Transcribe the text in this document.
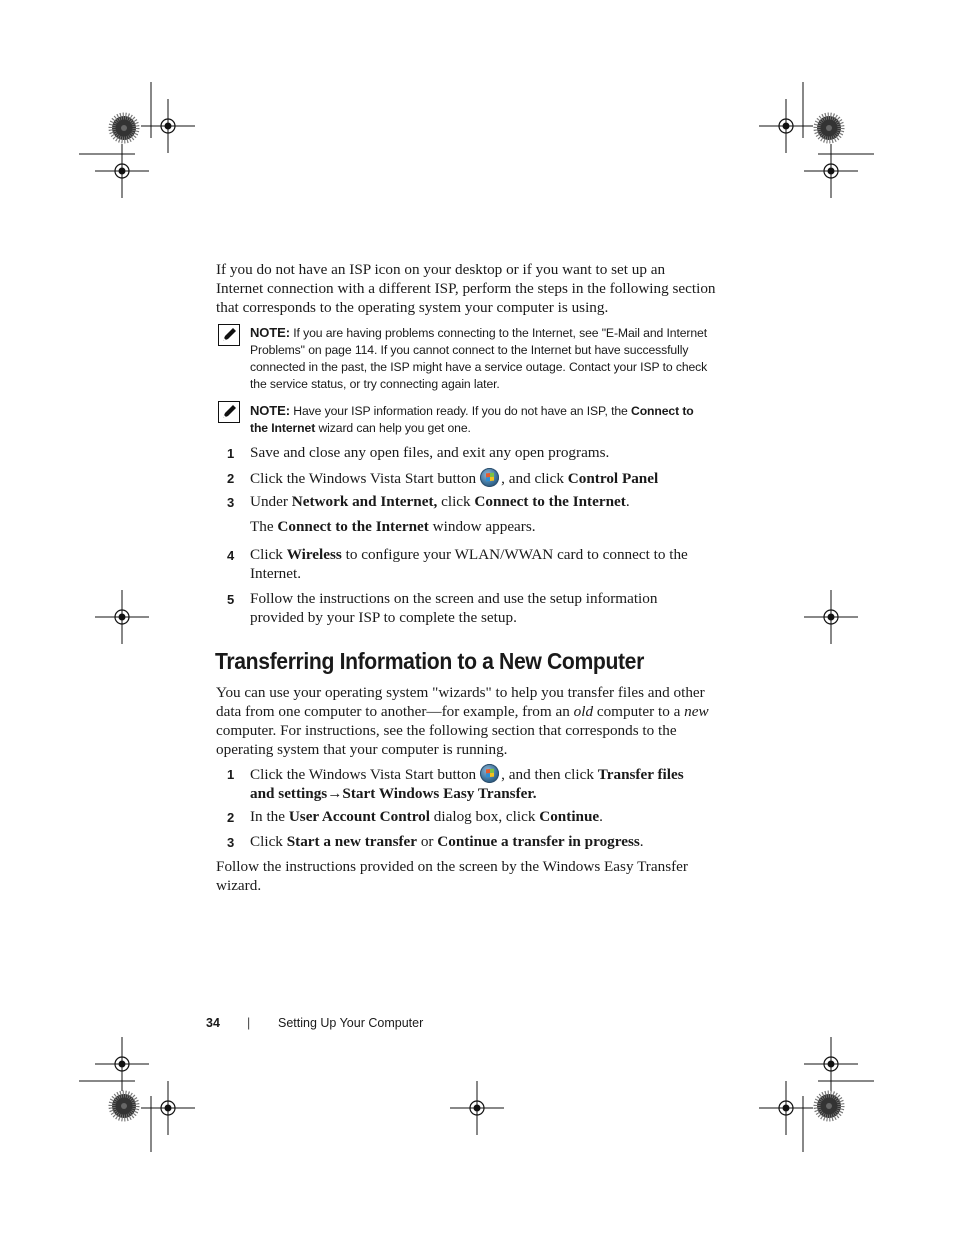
If you do not have an ISP icon on your desktop or if you want to set up an Internet connection with a different ISP, perform the steps in the following section that corresponds to the operating system your computer is using.
NOTE: If you are having problems connecting to the Internet, see "E-Mail and Internet Problems" on page 114. If you cannot connect to the Internet but have successfully connected in the past, the ISP might have a service outage. Contact your ISP to check the service status, or try connecting again later.
NOTE: Have your ISP information ready. If you do not have an ISP, the Connect to the Internet wizard can help you get one.
1 Save and close any open files, and exit any open programs.
2 Click the Windows Vista Start button , and click Control Panel
3 Under Network and Internet, click Connect to the Internet.
The Connect to the Internet window appears.
4 Click Wireless to configure your WLAN/WWAN card to connect to the Internet.
5 Follow the instructions on the screen and use the setup information provided by your ISP to complete the setup.
Transferring Information to a New Computer
You can use your operating system "wizards" to help you transfer files and other data from one computer to another—for example, from an old computer to a new computer. For instructions, see the following section that corresponds to the operating system that your computer is running.
1 Click the Windows Vista Start button , and then click Transfer files and settings→Start Windows Easy Transfer.
2 In the User Account Control dialog box, click Continue.
3 Click Start a new transfer or Continue a transfer in progress.
Follow the instructions provided on the screen by the Windows Easy Transfer wizard.
34 | Setting Up Your Computer
